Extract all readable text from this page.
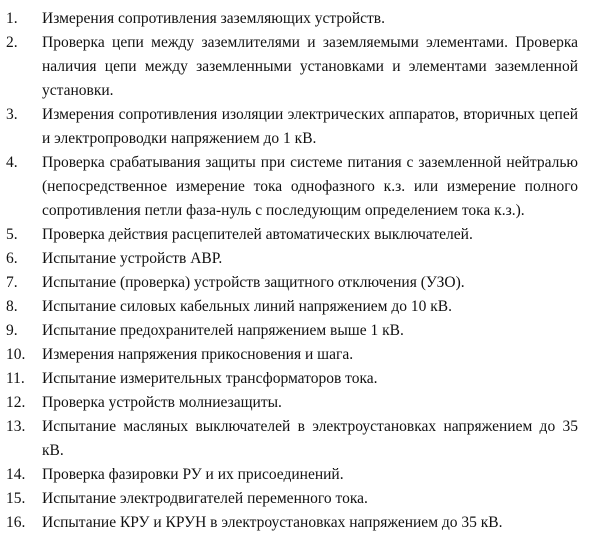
1.	Измерения сопротивления заземляющих устройств.
2.	Проверка цепи между заземлителями и заземляемыми элементами. Проверка наличия цепи между заземленными установками и элементами заземленной установки.
3.	Измерения сопротивления изоляции электрических аппаратов, вторичных цепей и электропроводки напряжением до 1 кВ.
4.	Проверка срабатывания защиты при системе питания с заземленной нейтралью (непосредственное измерение тока однофазного к.з. или измерение полного сопротивления петли фаза-нуль с последующим определением тока к.з.).
5.	Проверка действия расцепителей автоматических выключателей.
6.	Испытание устройств АВР.
7.	Испытание (проверка) устройств защитного отключения (УЗО).
8.	Испытание силовых кабельных линий напряжением до 10 кВ.
9.	Испытание предохранителей напряжением выше 1 кВ.
10.	Измерения напряжения прикосновения и шага.
11.	Испытание измерительных трансформаторов тока.
12.	Проверка устройств молниезащиты.
13.	Испытание масляных выключателей в электроустановках напряжением до 35 кВ.
14.	Проверка фазировки РУ и их присоединений.
15.	Испытание электродвигателей переменного тока.
16.	Испытание КРУ и КРУН в электроустановках напряжением до 35 кВ.
